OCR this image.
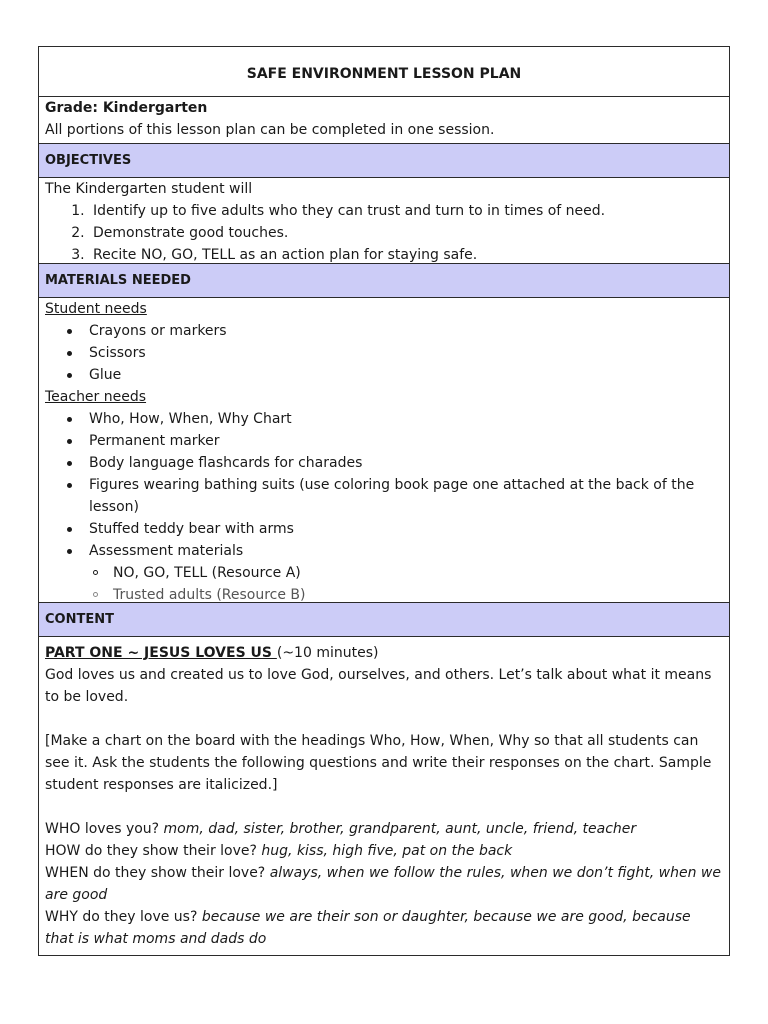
SAFE ENVIRONMENT LESSON PLAN
Grade: Kindergarten
All portions of this lesson plan can be completed in one session.
OBJECTIVES
The Kindergarten student will
1. Identify up to five adults who they can trust and turn to in times of need.
2. Demonstrate good touches.
3. Recite NO, GO, TELL as an action plan for staying safe.
MATERIALS NEEDED
Student needs
Crayons or markers
Scissors
Glue
Teacher needs
Who, How, When, Why Chart
Permanent marker
Body language flashcards for charades
Figures wearing bathing suits (use coloring book page one attached at the back of the lesson)
Stuffed teddy bear with arms
Assessment materials
NO, GO, TELL (Resource A)
Trusted adults (Resource B)
CONTENT
PART ONE ~ JESUS LOVES US (~10 minutes)

God loves us and created us to love God, ourselves, and others. Let’s talk about what it means to be loved.

[Make a chart on the board with the headings Who, How, When, Why so that all students can see it. Ask the students the following questions and write their responses on the chart. Sample student responses are italicized.]

WHO loves you? mom, dad, sister, brother, grandparent, aunt, uncle, friend, teacher

HOW do they show their love? hug, kiss, high five, pat on the back

WHEN do they show their love? always, when we follow the rules, when we don’t fight, when we are good

WHY do they love us? because we are their son or daughter, because we are good, because that is what moms and dads do
